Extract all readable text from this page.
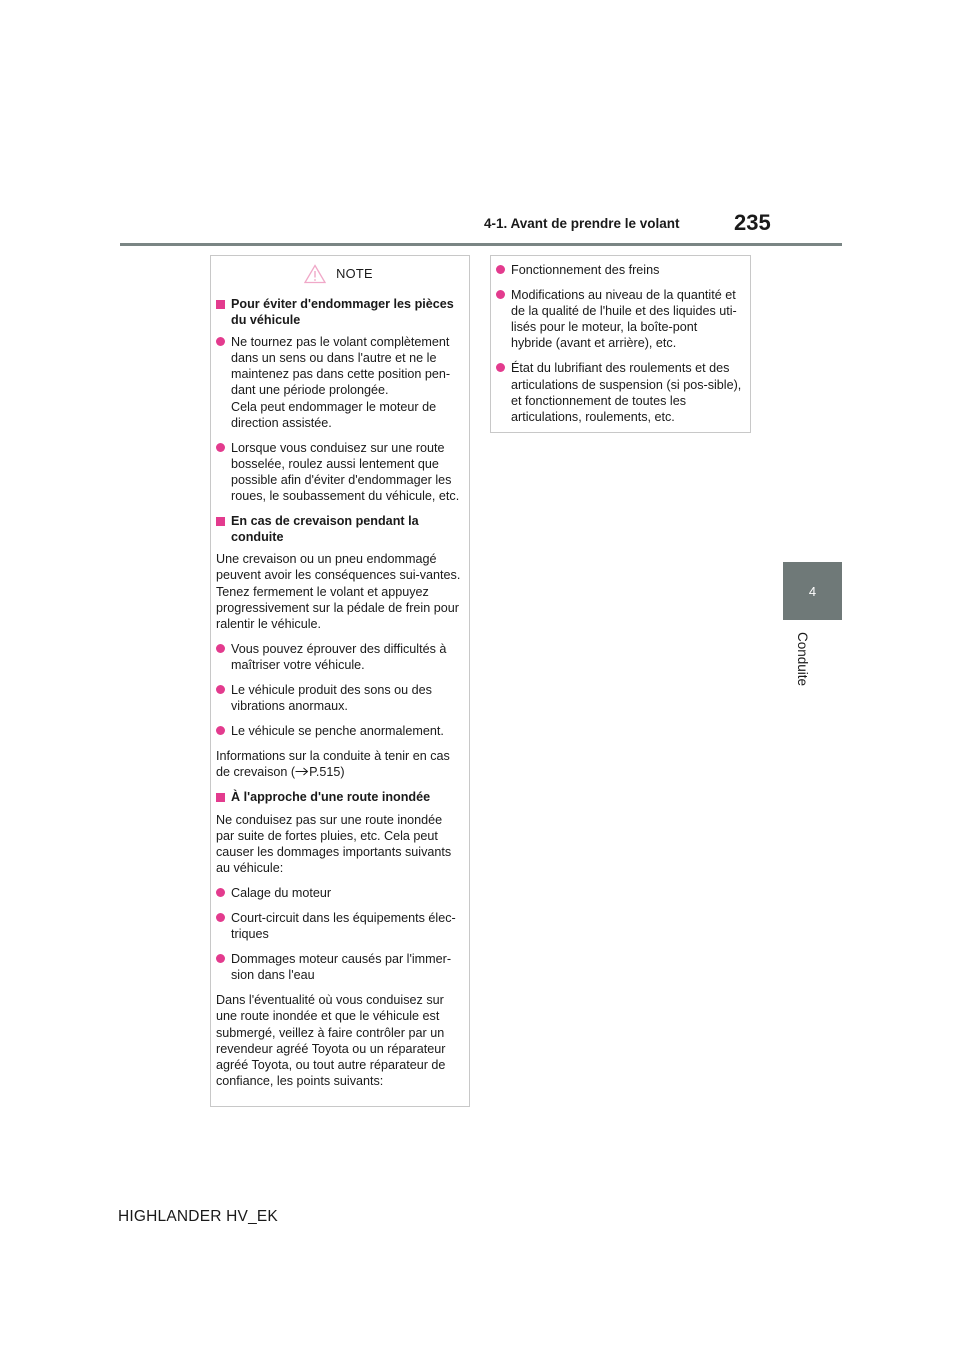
4-1. Avant de prendre le volant 235
4
Conduite
NOTE
Pour éviter d'endommager les pièces du véhicule
Ne tournez pas le volant complètement dans un sens ou dans l'autre et ne le maintenez pas dans cette position pen-dant une période prolongée.
Cela peut endommager le moteur de direction assistée.
Lorsque vous conduisez sur une route bosselée, roulez aussi lentement que possible afin d'éviter d'endommager les roues, le soubassement du véhicule, etc.
En cas de crevaison pendant la conduite
Une crevaison ou un pneu endommagé peuvent avoir les conséquences sui-vantes. Tenez fermement le volant et appuyez progressivement sur la pédale de frein pour ralentir le véhicule.
Vous pouvez éprouver des difficultés à maîtriser votre véhicule.
Le véhicule produit des sons ou des vibrations anormaux.
Le véhicule se penche anormalement.
Informations sur la conduite à tenir en cas de crevaison ( P.515)
À l'approche d'une route inondée
Ne conduisez pas sur une route inondée par suite de fortes pluies, etc. Cela peut causer les dommages importants suivants au véhicule:
Calage du moteur
Court-circuit dans les équipements élec-triques
Dommages moteur causés par l'immer-sion dans l'eau
Dans l'éventualité où vous conduisez sur une route inondée et que le véhicule est submergé, veillez à faire contrôler par un revendeur agréé Toyota ou un réparateur agréé Toyota, ou tout autre réparateur de confiance, les points suivants:
Fonctionnement des freins
Modifications au niveau de la quantité et de la qualité de l'huile et des liquides uti-lisés pour le moteur, la boîte-pont hybride (avant et arrière), etc.
État du lubrifiant des roulements et des articulations de suspension (si pos-sible), et fonctionnement de toutes les articulations, roulements, etc.
HIGHLANDER HV_EK
